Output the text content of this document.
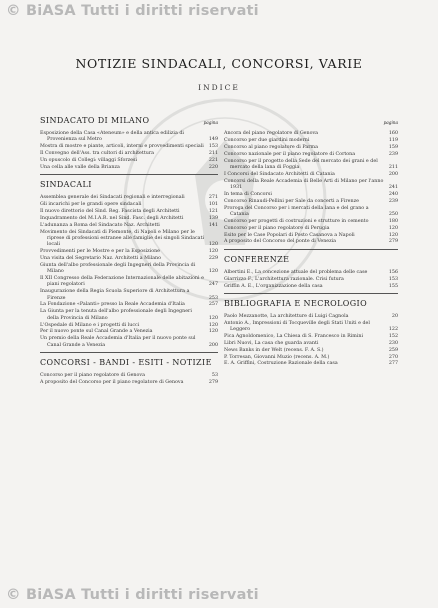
© BiASA Tutti i diritti riservati
© BiASA Tutti i diritti riservati
NOTIZIE SINDACALI, CONCORSI, VARIE
INDICE
SINDACATO DI MILANO	pagina
Esposizione della Casa «Ateneum» e della antica edilizia di Provenienza sul Metro	149
Mostra di mostre e piante, articoli, interni e provvedimenti speciali	153
Il Convegno dell'Ass. tra cultori di architettura	211
Un opuscolo di Collegi: villaggi Sforzesi	221
Una cella alle valle della Brianza	220
SINDACALI
Assemblea generale dei Sindacati regionali e interregionali	271
Gli incarichi per le grandi opere sindacali	101
Il nuovo direttorio del Sind. Reg. Fascista degli Architetti	121
Inquadramento del M.I.A.R. nel Sind. Fasc. degli Architetti	139
L'adunanza a Roma del Sindacato Naz. Architetti	141
Movimento dei Sindacati di Piemonte, di Napoli e Milano per le riprese di professioni estranee alle famiglie dei singoli Sindacati locali	120
Provvedimenti per le Mostre e per la Esposizione	120
Una visita del Segretario Naz. Architetti a Milano	229
Giunta dell'albo professionale degli Ingegneri della Provincia di Milano	120
Il XII Congresso della Federazione Internazionale delle abitazioni e piani regolatori	247
Inaugurazione della Regia Scuola Superiore di Architettura a Firenze	253
La Fondazione «Palanti» presso la Reale Accademia d'Italia	257
La Giunta per la tenuta dell'albo professionale degli Ingegneri della Provincia di Milano	120
L'Ospedale di Milano e i progetti di lucci	120
Per il nuovo ponte sul Canal Grande a Venezia	120
Un premio della Reale Accademia d'Italia per il nuovo ponte sul Canal Grande a Venezia	200
CONCORSI - BANDI - ESITI - NOTIZIE
Concorso per il piano regolatore di Genova	53
A proposito del Concorso per il piano regolatore di Genova	279
pagina
Ancora del piano regolatore di Genova	160
Concorso per due giardini moderni	119
Concorso al piano regolatore di Parma	159
Concorso nazionale per il piano regolatore di Cortona	239
Concorso per il progetto della Sede del mercato dei grani e del mercato della lana di Foggia	211
I Concorsi del Sindacato Architetti di Catania	200
Concorsi della Reale Accademia di Belle Arti di Milano per l'anno 1931	241
In tema di Concorsi	240
Concorso Rinaudi-Pellini per Sale da concerti a Firenze	239
Proroga del Concorso per i mercati della lana e del grano a Catania	250
Concorso per progetti di costruzioni e strutture in cemento	180
Concorso per il piano regolatore di Perugia	120
Esito per le Case Popolari di Posto Casanova a Napoli	120
A proposito del Concorso del ponte di Venezia	279
CONFERENZE
Albertini E., La concezione attuale del problema delle case	156
Giarrizzo F., L'architettura razionale. Crisi futura	153
Griffin A. E., L'organizzazione della casa	155
BIBLIOGRAFIA E NECROLOGIO
Paolo Mezzanotte, La architetture di Luigi Cagnola	20
Antonio A., Impressioni di Tocqueville degli Stati Uniti e del Leggero	122
Pica Agnoldomenico, La Chiesa di S. Francesco in Rimini	152
Libri Nuovi, La casa che guarda avanti	230
News Banks in der Welt (recens. F. A. S.)	259
P. Torresan, Giovanni Muzio (recens. A. M.)	270
E. A. Griffini, Costruzione Razionale della casa	277
